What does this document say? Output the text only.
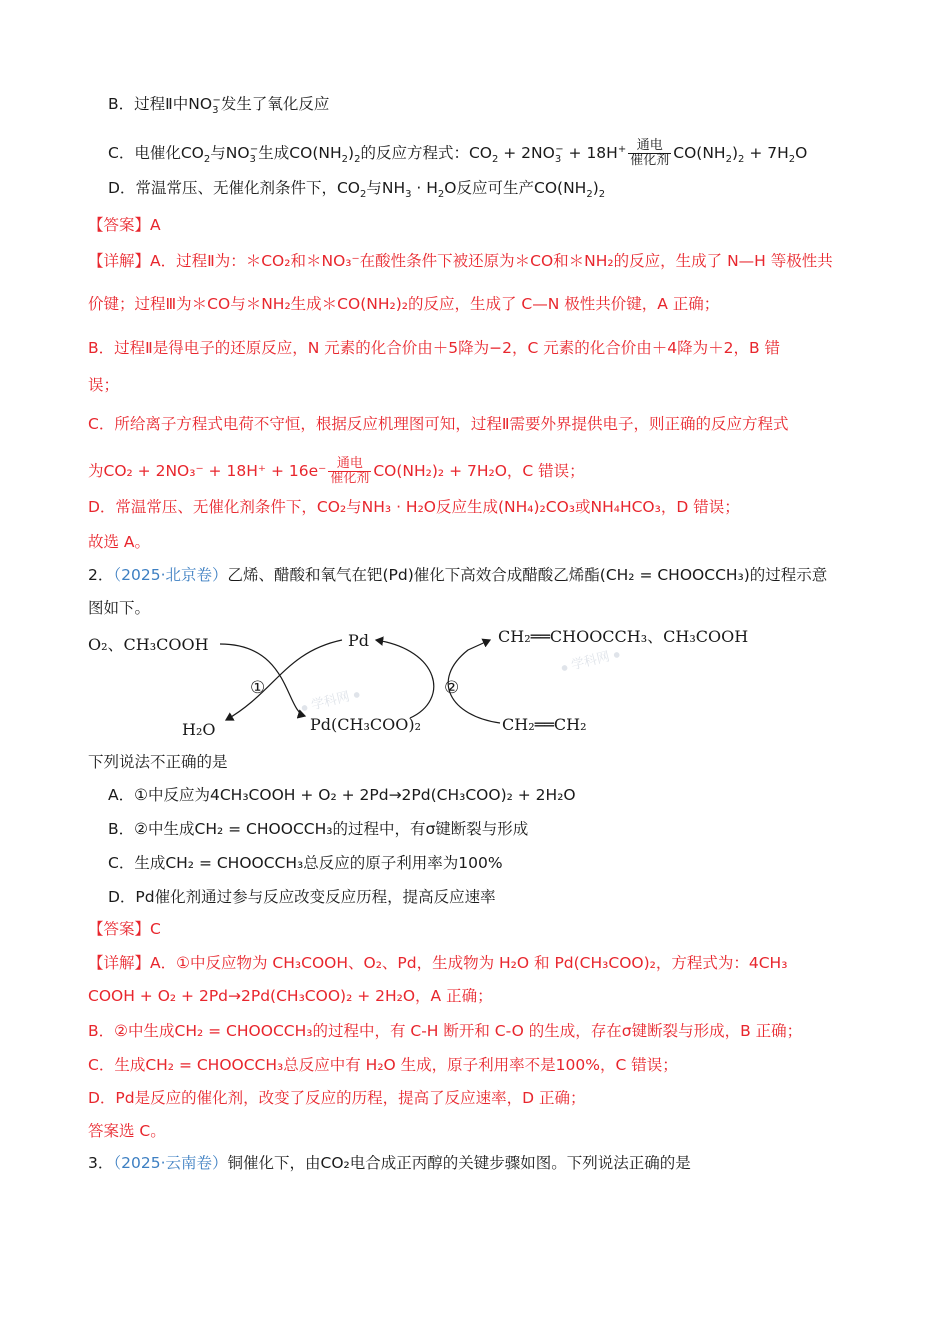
B．过程Ⅱ中$NO_3^-$发生了氧化反应
C．电催化$CO_2$与$NO_3^-$生成$CO(NH_2)_2$的反应方程式：$CO_2 + 2NO_3^- + 18H^+ \frac{\text{通电}}{\text{催化剂}} CO(NH_2)_2 + 7H_2O$
D．常温常压、无催化剂条件下，$CO_2$与$NH_3 \cdot H_2O$反应可生产$CO(NH_2)_2$
【答案】A
【详解】A．过程Ⅱ为：＊CO₂和＊NO₃⁻在酸性条件下被还原为＊CO和＊NH₂的反应，生成了 N—H 等极性共
价键；过程Ⅲ为＊CO与＊NH₂生成＊CO(NH₂)₂的反应，生成了 C—N 极性共价键，A 正确；
B．过程Ⅱ是得电子的还原反应，N 元素的化合价由＋5降为−2，C 元素的化合价由＋4降为＋2，B 错
误；
C．所给离子方程式电荷不守恒，根据反应机理图可知，过程Ⅱ需要外界提供电子，则正确的反应方程式
为$CO_2 + 2NO_3^- + 18H^+ + 16e^- \frac{\text{通电}}{\text{催化剂}} CO(NH_2)_2 + 7H_2O$，C 错误；
D．常温常压、无催化剂条件下，CO₂与NH₃ · H₂O反应生成(NH₄)₂CO₃或NH₄HCO₃，D 错误；
故选 A。
2．（2025·北京卷）乙烯、醋酸和氧气在钯(Pd)催化下高效合成醋酸乙烯酯(CH₂ = CHOOCCH₃)的过程示意
图如下。
⦁ 学科网 ⦁
⦁ 学科网 ⦁
O₂、CH₃COOH	Pd	CH₂══CHOOCCH₃、CH₃COOH
①	②
H₂O	Pd(CH₃COO)₂	CH₂══CH₂
下列说法不正确的是
A．①中反应为4CH₃COOH + O₂ + 2Pd→2Pd(CH₃COO)₂ + 2H₂O
B．②中生成CH₂ = CHOOCCH₃的过程中，有σ键断裂与形成
C．生成CH₂ = CHOOCCH₃总反应的原子利用率为100%
D．Pd催化剂通过参与反应改变反应历程，提高反应速率
【答案】C
【详解】A．①中反应物为 CH₃COOH、O₂、Pd，生成物为 H₂O 和 Pd(CH₃COO)₂，方程式为：4CH₃
COOH + O₂ + 2Pd→2Pd(CH₃COO)₂ + 2H₂O，A 正确；
B．②中生成CH₂ = CHOOCCH₃的过程中，有 C-H 断开和 C-O 的生成，存在σ键断裂与形成，B 正确；
C．生成CH₂ = CHOOCCH₃总反应中有 H₂O 生成，原子利用率不是100%，C 错误；
D．Pd是反应的催化剂，改变了反应的历程，提高了反应速率，D 正确；
答案选 C。
3．（2025·云南卷）铜催化下，由CO₂电合成正丙醇的关键步骤如图。下列说法正确的是
